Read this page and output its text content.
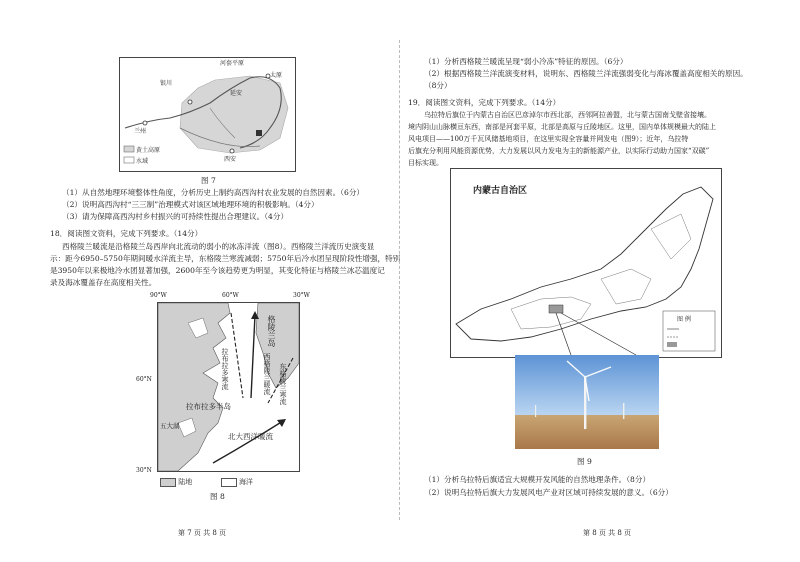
河套平原
银川
兰州
西安
延安
太原
黄土高原
水域
图 7
（1）从自然地理环境整体性角度，分析历史上制约高西沟村农业发展的自然因素。（6分）
（2）说明高西沟村“三三制”治理模式对该区域地理环境的积极影响。（4分）
（3）请为保障高西沟村乡村振兴的可持续性提出合理建议。（4分）
18．阅读图文资料，完成下列要求。（14分）
西格陵兰暖流是沿格陵兰岛西岸向北流动的弱小的冰冻洋流（图8）。西格陵兰洋流历史演变显
示：距今6950–5750年期间暖水洋流主导，东格陵兰寒流减弱；5750年后冷水团呈现阶段性增强，特别
是3950年以来极地冷水团显著加强，2600年至今该趋势更为明显，其变化特征与格陵兰冰芯温度记
录及海冰覆盖存在高度相关性。
90°W	60°W	30°W
60°N
30°N
格陵兰岛
拉布拉多半岛
拉布拉多寒流	东格陵兰寒流
西格陵兰暖流
北大西洋暖流
五大湖
陆地	海洋
图 8
第 7 页 共 8 页
（1）分析西格陵兰暖流呈现“弱小冷冻”特征的原因。（6分）
（2）根据西格陵兰洋流演变材料，说明东、西格陵兰洋流强弱变化与海冰覆盖高度相关的原因。
（8分）
19．阅读图文资料，完成下列要求。（14分）
乌拉特后旗位于内蒙古自治区巴彦淖尔市西北部，西邻阿拉善盟，北与蒙古国南戈壁省接壤。
境内阴山山脉横亘东西，南部是河套平原，北部是高原与丘陵地区。这里，国内单体规模最大的陆上
风电项目——100万千瓦风储基地项目，在这里实现全容量并网发电（图9）；近年，乌拉特
后旗充分利用风能资源优势，大力发展以风力发电为主的新能源产业，以实际行动助力国家“双碳”
目标实现。
内蒙古自治区
图 例
图 9
（1）分析乌拉特后旗适宜大规模开发风能的自然地理条件。（8分）
（2）说明乌拉特后旗大力发展风电产业对区域可持续发展的意义。（6分）
第 8 页 共 8 页
